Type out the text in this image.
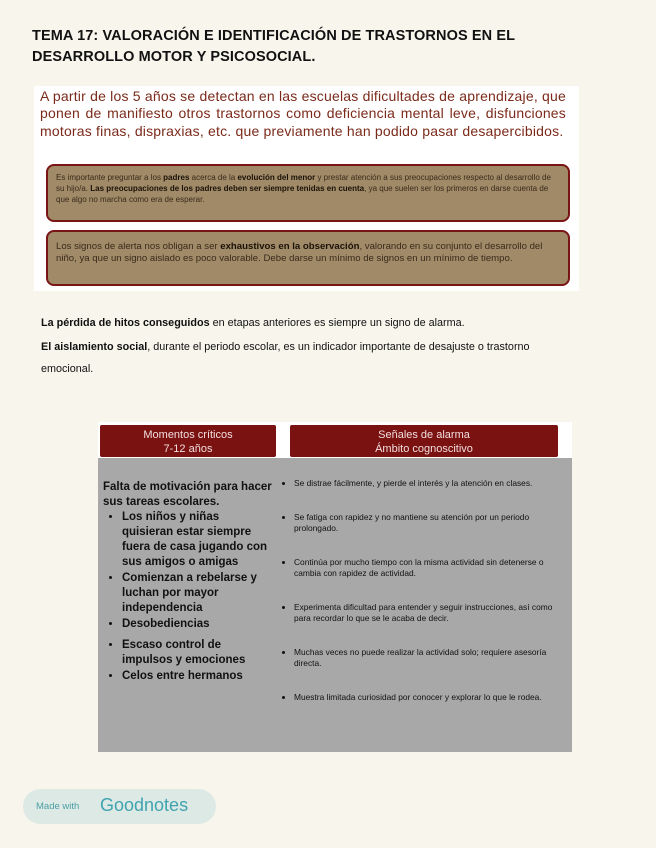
TEMA 17: VALORACIÓN E IDENTIFICACIÓN DE TRASTORNOS EN EL DESARROLLO MOTOR Y PSICOSOCIAL.
A partir de los 5 años se detectan en las escuelas dificultades de aprendizaje, que ponen de manifiesto otros trastornos como deficiencia mental leve, disfunciones motoras finas, dispraxias, etc. que previamente han podido pasar desapercibidos.
Es importante preguntar a los padres acerca de la evolución del menor y prestar atención a sus preocupaciones respecto al desarrollo de su hijo/a. Las preocupaciones de los padres deben ser siempre tenidas en cuenta, ya que suelen ser los primeros en darse cuenta de que algo no marcha como era de esperar.
Los signos de alerta nos obligan a ser exhaustivos en la observación, valorando en su conjunto el desarrollo del niño, ya que un signo aislado es poco valorable. Debe darse un mínimo de signos en un mínimo de tiempo.
La pérdida de hitos conseguidos en etapas anteriores es siempre un signo de alarma.
El aislamiento social, durante el periodo escolar, es un indicador importante de desajuste o trastorno emocional.
Momentos críticos
7-12 años
Señales de alarma
Ámbito cognoscitivo
Falta de motivación para hacer sus tareas escolares.
• Los niños y niñas quisieran estar siempre fuera de casa jugando con sus amigos o amigas
• Comienzan a rebelarse y luchan por mayor independencia
• Desobediencias
• Escaso control de impulsos y emociones
• Celos entre hermanos
• Se distrae fácilmente, y pierde el interés y la atención en clases.
• Se fatiga con rapidez y no mantiene su atención por un periodo prolongado.
• Continúa por mucho tiempo con la misma actividad sin detenerse o cambia con rapidez de actividad.
• Experimenta dificultad para entender y seguir instrucciones, así como para recordar lo que se le acaba de decir.
• Muchas veces no puede realizar la actividad solo; requiere asesoría directa.
• Muestra limitada curiosidad por conocer y explorar lo que le rodea.
Made with Goodnotes
